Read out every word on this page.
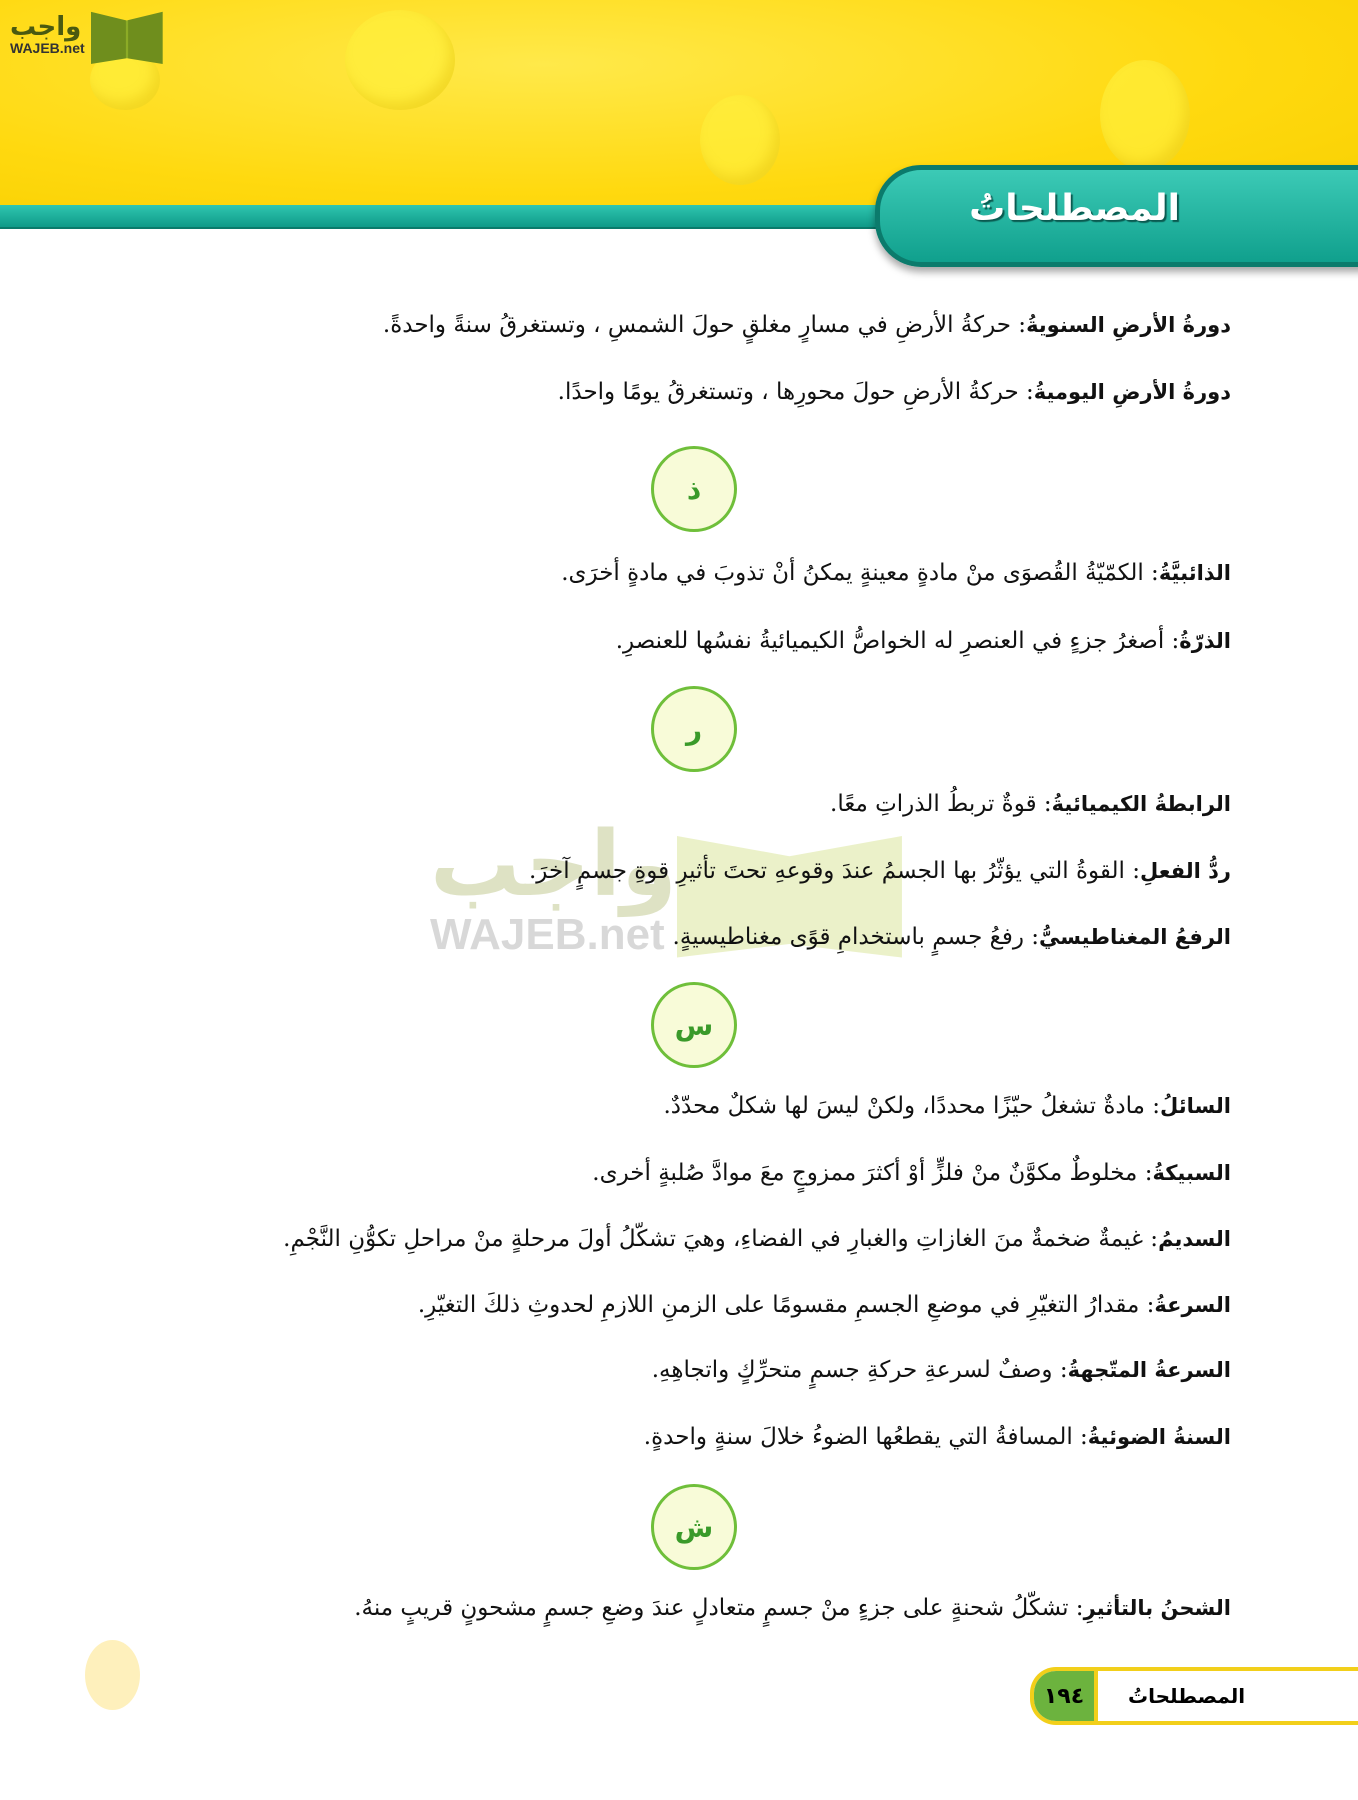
واجب
WAJEB.net
المصطلحاتُ
واجب
WAJEB.net
دورةُ الأرضِ السنويةُ: حركةُ الأرضِ في مسارٍ مغلقٍ حولَ الشمسِ ، وتستغرقُ سنةً واحدةً.
دورةُ الأرضِ اليوميةُ: حركةُ الأرضِ حولَ محورِها ، وتستغرقُ يومًا واحدًا.
ذ
الذائبيَّةُ: الكمّيّةُ القُصوَى منْ مادةٍ معينةٍ يمكنُ أنْ تذوبَ في مادةٍ أخرَى.
الذرّةُ: أصغرُ جزءٍ في العنصرِ له الخواصُّ الكيميائيةُ نفسُها للعنصرِ.
ر
الرابطةُ الكيميائيةُ: قوةٌ تربطُ الذراتِ معًا.
ردُّ الفعلِ: القوةُ التي يؤثّرُ بها الجسمُ عندَ وقوعهِ تحتَ تأثيرِ قوةِ جسمٍ آخرَ.
الرفعُ المغناطيسيُّ: رفعُ جسمٍ باستخدامِ قوًى مغناطيسيةٍ.
س
السائلُ: مادةٌ تشغلُ حيّزًا محددًا، ولكنْ ليسَ لها شكلٌ محدّدٌ.
السبيكةُ: مخلوطٌ مكوَّنٌ منْ فلزٍّ أوْ أكثرَ ممزوجٍ معَ موادَّ صُلبةٍ أخرى.
السديمُ: غيمةٌ ضخمةٌ منَ الغازاتِ والغبارِ في الفضاءِ، وهيَ تشكّلُ أولَ مرحلةٍ منْ مراحلِ تكوُّنِ النَّجْمِ.
السرعةُ: مقدارُ التغيّرِ في موضعِ الجسمِ مقسومًا على الزمنِ اللازمِ لحدوثِ ذلكَ التغيّرِ.
السرعةُ المتّجهةُ: وصفٌ لسرعةِ حركةِ جسمٍ متحرِّكٍ واتجاهِهِ.
السنةُ الضوئيةُ: المسافةُ التي يقطعُها الضوءُ خلالَ سنةٍ واحدةٍ.
ش
الشحنُ بالتأثيرِ: تشكّلُ شحنةٍ على جزءٍ منْ جسمٍ متعادلٍ عندَ وضعِ جسمٍ مشحونٍ قريبٍ منهُ.
١٩٤	المصطلحاتُ
